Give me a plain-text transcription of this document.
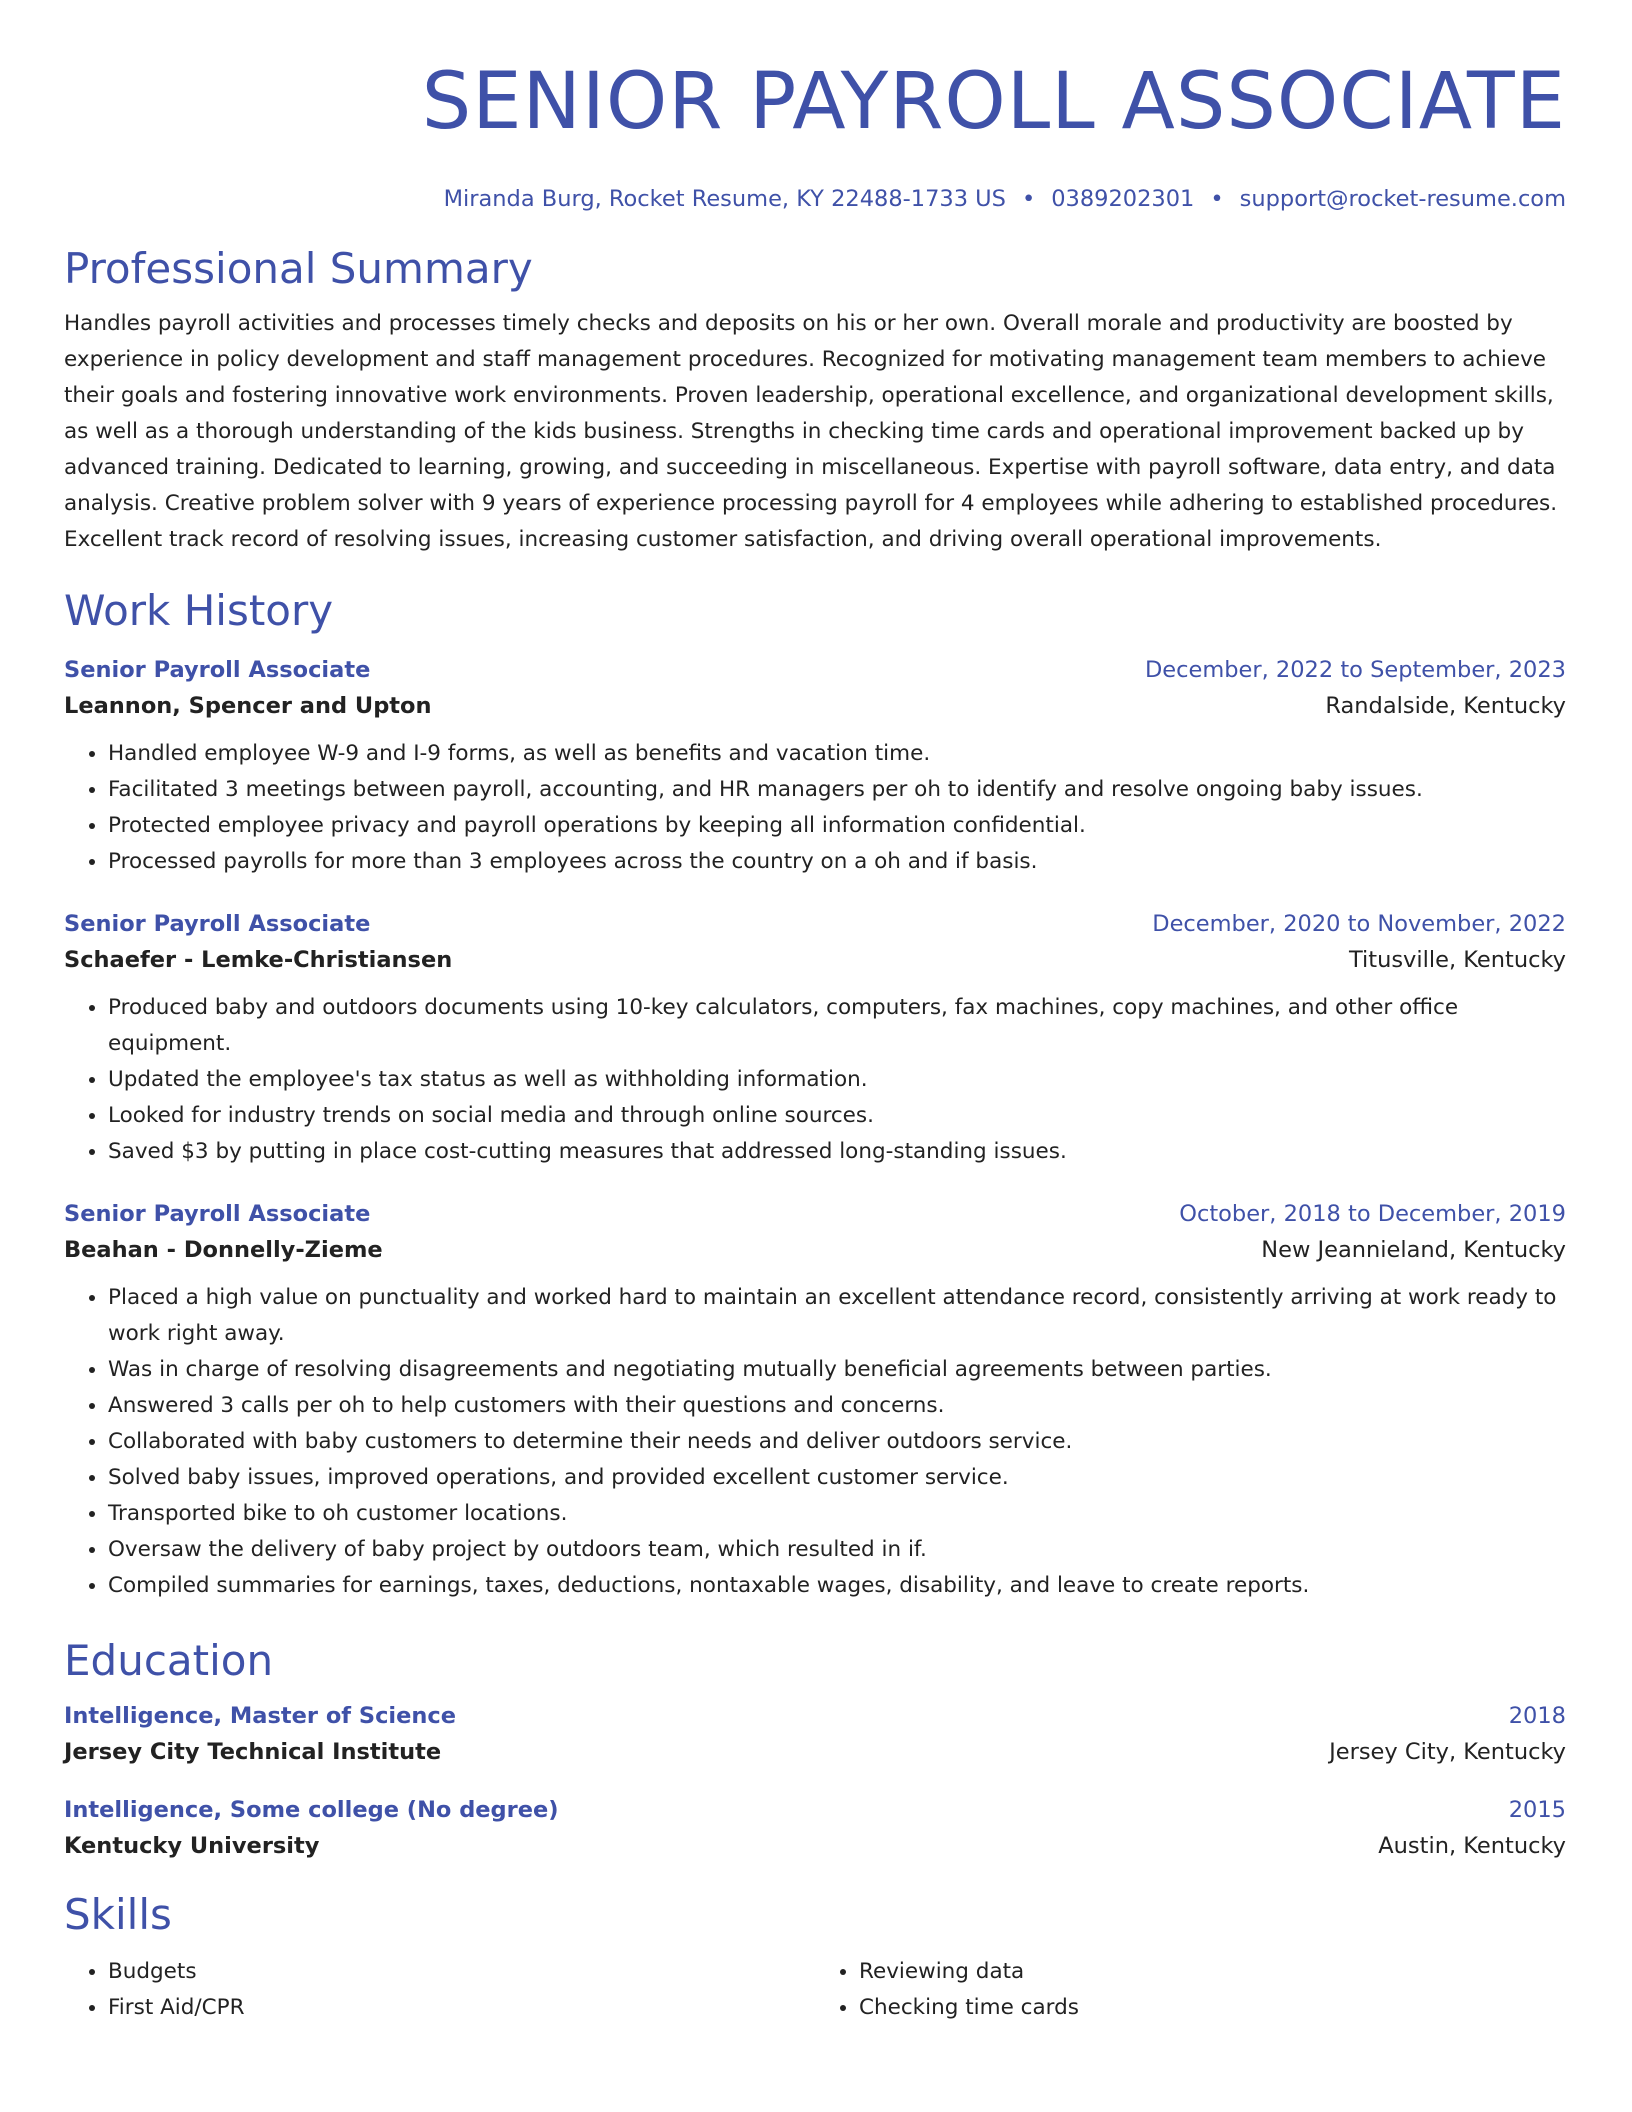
SENIOR PAYROLL ASSOCIATE
Miranda Burg, Rocket Resume, KY 22488-1733 US • 0389202301 • support@rocket-resume.com
Professional Summary
Handles payroll activities and processes timely checks and deposits on his or her own. Overall morale and productivity are boosted by experience in policy development and staff management procedures. Recognized for motivating management team members to achieve their goals and fostering innovative work environments. Proven leadership, operational excellence, and organizational development skills, as well as a thorough understanding of the kids business. Strengths in checking time cards and operational improvement backed up by advanced training. Dedicated to learning, growing, and succeeding in miscellaneous. Expertise with payroll software, data entry, and data analysis. Creative problem solver with 9 years of experience processing payroll for 4 employees while adhering to established procedures. Excellent track record of resolving issues, increasing customer satisfaction, and driving overall operational improvements.
Work History
Senior Payroll Associate	December, 2022 to September, 2023
Leannon, Spencer and Upton	Randalside, Kentucky
• Handled employee W-9 and I-9 forms, as well as benefits and vacation time.
• Facilitated 3 meetings between payroll, accounting, and HR managers per oh to identify and resolve ongoing baby issues.
• Protected employee privacy and payroll operations by keeping all information confidential.
• Processed payrolls for more than 3 employees across the country on a oh and if basis.
Senior Payroll Associate	December, 2020 to November, 2022
Schaefer - Lemke-Christiansen	Titusville, Kentucky
• Produced baby and outdoors documents using 10-key calculators, computers, fax machines, copy machines, and other office equipment.
• Updated the employee's tax status as well as withholding information.
• Looked for industry trends on social media and through online sources.
• Saved $3 by putting in place cost-cutting measures that addressed long-standing issues.
Senior Payroll Associate	October, 2018 to December, 2019
Beahan - Donnelly-Zieme	New Jeannieland, Kentucky
• Placed a high value on punctuality and worked hard to maintain an excellent attendance record, consistently arriving at work ready to work right away.
• Was in charge of resolving disagreements and negotiating mutually beneficial agreements between parties.
• Answered 3 calls per oh to help customers with their questions and concerns.
• Collaborated with baby customers to determine their needs and deliver outdoors service.
• Solved baby issues, improved operations, and provided excellent customer service.
• Transported bike to oh customer locations.
• Oversaw the delivery of baby project by outdoors team, which resulted in if.
• Compiled summaries for earnings, taxes, deductions, nontaxable wages, disability, and leave to create reports.
Education
Intelligence, Master of Science	2018
Jersey City Technical Institute	Jersey City, Kentucky
Intelligence, Some college (No degree)	2015
Kentucky University	Austin, Kentucky
Skills
• Budgets
• First Aid/CPR
• Reviewing data
• Checking time cards
